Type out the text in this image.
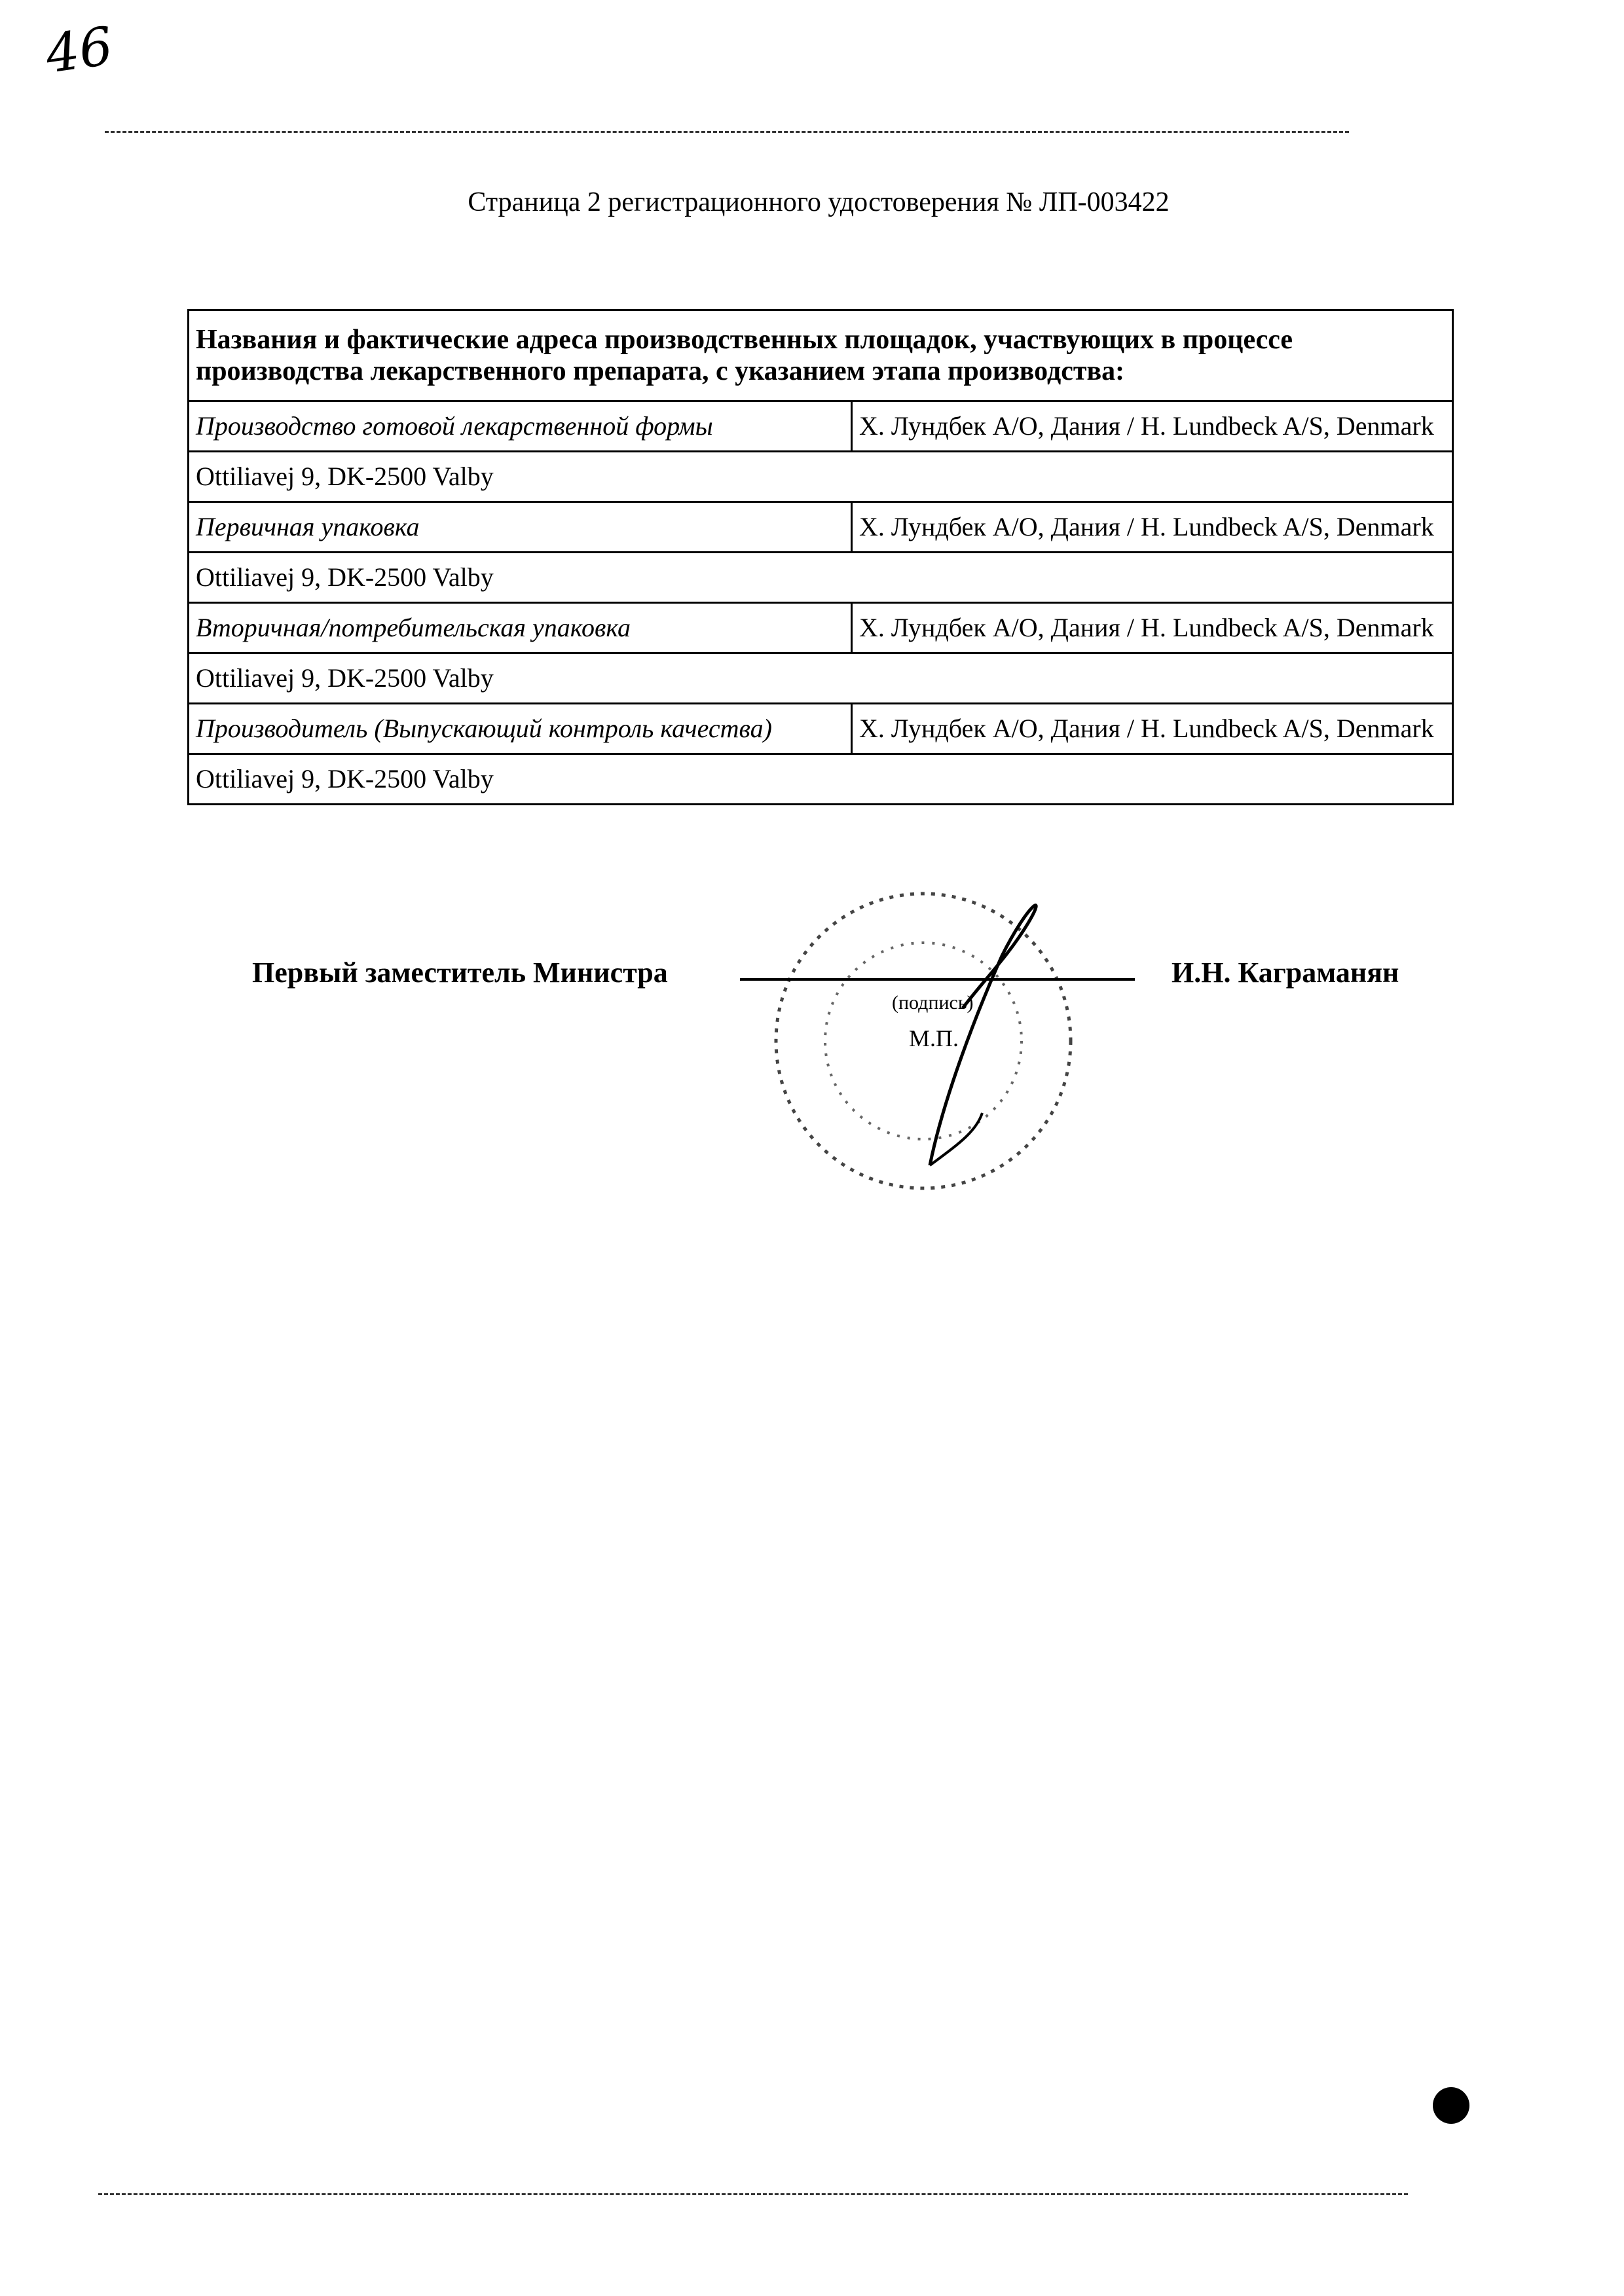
46
Страница 2 регистрационного удостоверения № ЛП-003422
Названия и фактические адреса производственных площадок, участвующих в процессе производства лекарственного препарата, с указанием этапа производства:	
Производство готовой лекарственной формы	Х. Лундбек А/О, Дания / H. Lundbeck A/S, Denmark
Ottiliavej 9, DK-2500 Valby	
Первичная упаковка	Х. Лундбек А/О, Дания / H. Lundbeck A/S, Denmark
Ottiliavej 9, DK-2500 Valby	
Вторичная/потребительская упаковка	Х. Лундбек А/О, Дания / H. Lundbeck A/S, Denmark
Ottiliavej 9, DK-2500 Valby	
Производитель (Выпускающий контроль качества)	Х. Лундбек А/О, Дания / H. Lundbeck A/S, Denmark
Ottiliavej 9, DK-2500 Valby	
Первый заместитель Министра	И.Н. Каграманян
(подпись)
М.П.
